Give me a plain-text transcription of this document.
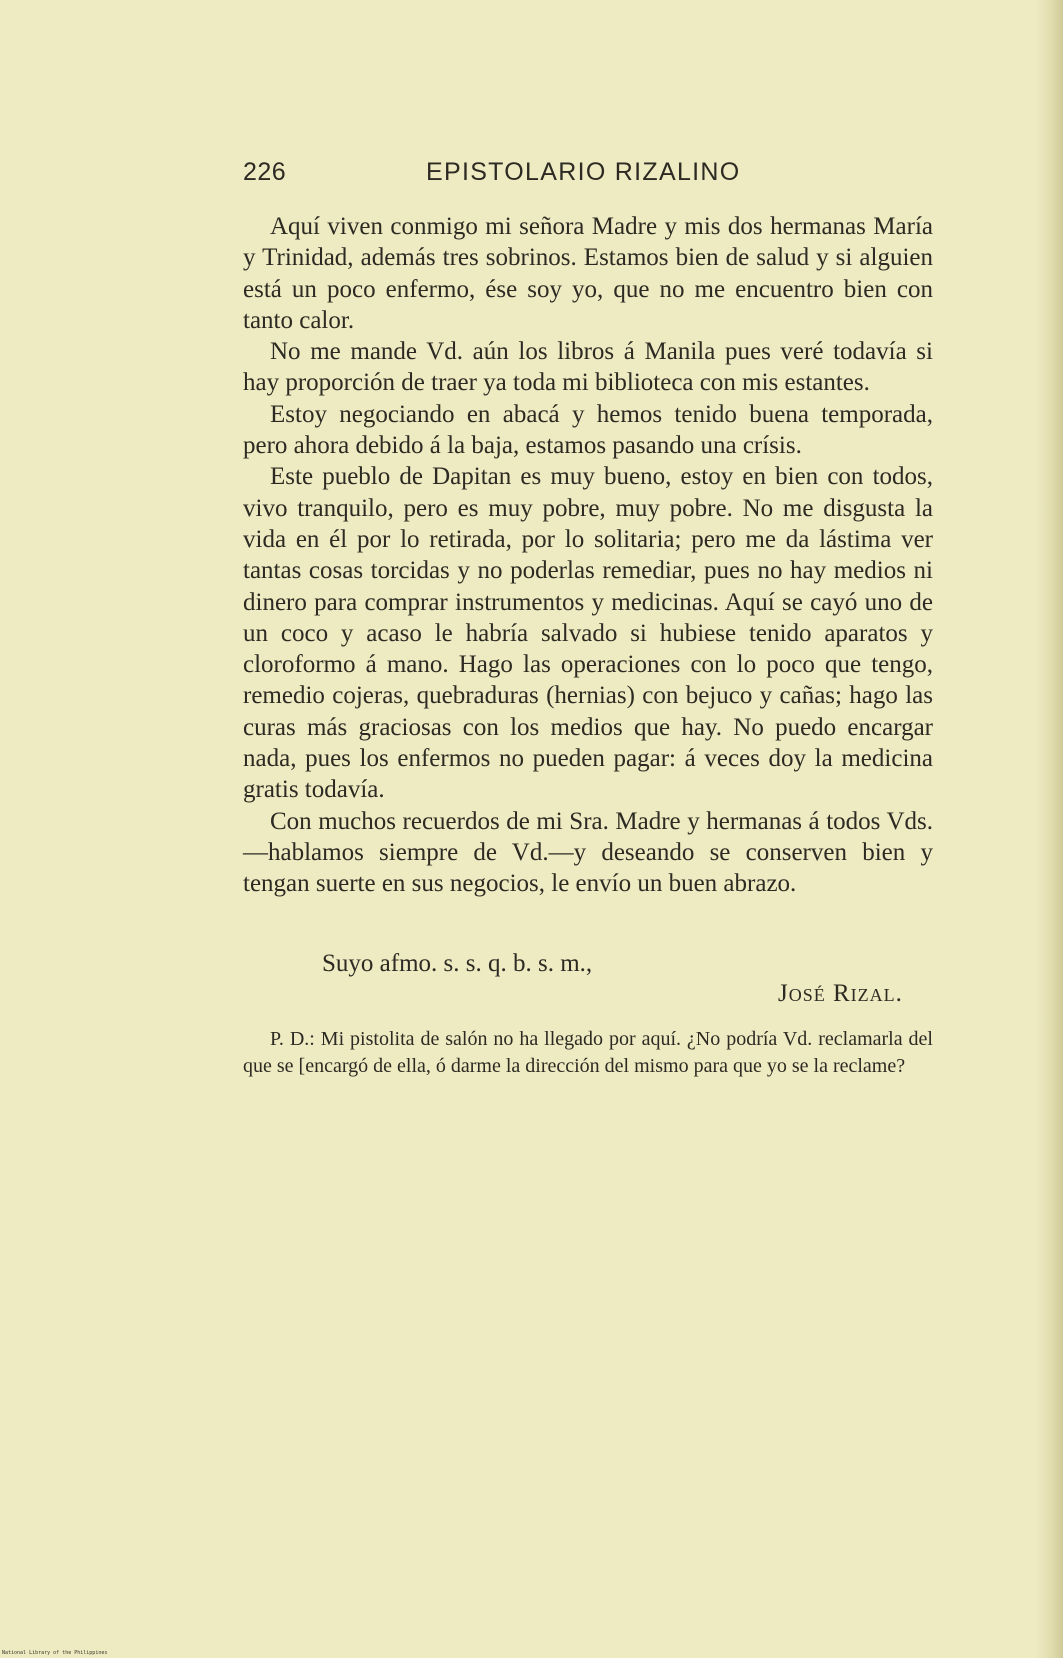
226	EPISTOLARIO RIZALINO

Aquí viven conmigo mi señora Madre y mis dos hermanas María y Trinidad, además tres sobrinos. Estamos bien de salud y si alguien está un poco enfermo, ése soy yo, que no me encuentro bien con tanto calor.

No me mande Vd. aún los libros á Manila pues veré todavía si hay proporción de traer ya toda mi biblioteca con mis estantes.

Estoy negociando en abacá y hemos tenido buena temporada, pero ahora debido á la baja, estamos pasando una crísis.

Este pueblo de Dapitan es muy bueno, estoy en bien con todos, vivo tranquilo, pero es muy pobre, muy pobre. No me disgusta la vida en él por lo retirada, por lo solitaria; pero me da lástima ver tantas cosas torcidas y no poderlas remediar, pues no hay medios ni dinero para comprar instrumentos y medicinas. Aquí se cayó uno de un coco y acaso le habría salvado si hubiese tenido aparatos y cloroformo á mano. Hago las operaciones con lo poco que tengo, remedio cojeras, quebraduras (hernias) con bejuco y cañas; hago las curas más graciosas con los medios que hay. No puedo encargar nada, pues los enfermos no pueden pagar: á veces doy la medicina gratis todavía.

Con muchos recuerdos de mi Sra. Madre y hermanas á todos Vds.—hablamos siempre de Vd.—y deseando se conserven bien y tengan suerte en sus negocios, le envío un buen abrazo.

Suyo afmo. s. s. q. b. s. m.,
José Rizal.

P. D.: Mi pistolita de salón no ha llegado por aquí. ¿No podría Vd. reclamarla del que se [encargó de ella, ó darme la dirección del mismo para que yo se la reclame?

National Library of the Philippines
